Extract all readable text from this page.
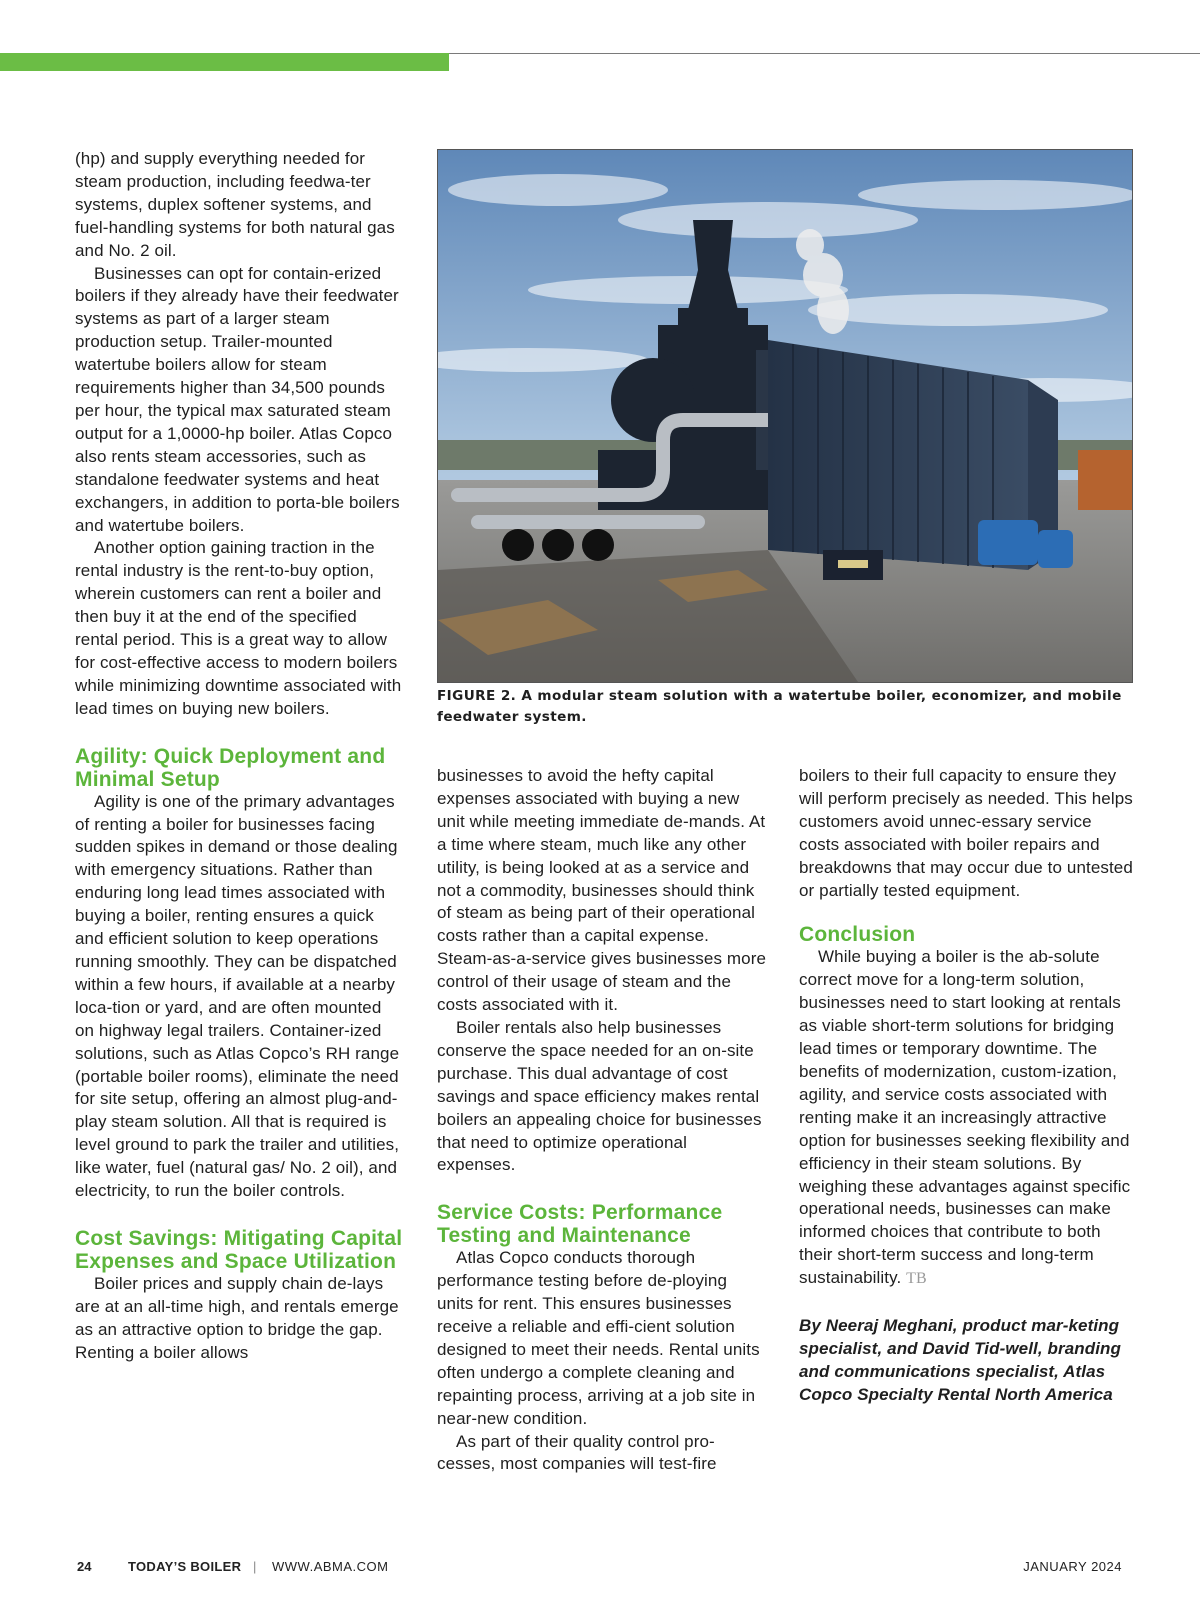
(hp) and supply everything needed for steam production, including feedwa-ter systems, duplex softener systems, and fuel-handling systems for both natural gas and No. 2 oil.

Businesses can opt for contain-erized boilers if they already have their feedwater systems as part of a larger steam production setup. Trailer-mounted watertube boilers allow for steam requirements higher than 34,500 pounds per hour, the typical max saturated steam output for a 1,0000-hp boiler. Atlas Copco also rents steam accessories, such as standalone feedwater systems and heat exchangers, in addition to porta-ble boilers and watertube boilers.

Another option gaining traction in the rental industry is the rent-to-buy option, wherein customers can rent a boiler and then buy it at the end of the specified rental period. This is a great way to allow for cost-effective access to modern boilers while minimizing downtime associated with lead times on buying new boilers.

Agility: Quick Deployment and Minimal Setup

Agility is one of the primary advantages of renting a boiler for businesses facing sudden spikes in demand or those dealing with emergency situations. Rather than enduring long lead times associated with buying a boiler, renting ensures a quick and efficient solution to keep operations running smoothly. They can be dispatched within a few hours, if available at a nearby loca-tion or yard, and are often mounted on highway legal trailers. Container-ized solutions, such as Atlas Copco’s RH range (portable boiler rooms), eliminate the need for site setup, offering an almost plug-and-play steam solution. All that is required is level ground to park the trailer and utilities, like water, fuel (natural gas/ No. 2 oil), and electricity, to run the boiler controls.

Cost Savings: Mitigating Capital Expenses and Space Utilization

Boiler prices and supply chain de-lays are at an all-time high, and rentals emerge as an attractive option to bridge the gap. Renting a boiler allows

FIGURE 2. A modular steam solution with a watertube boiler, economizer, and mobile feedwater system.

businesses to avoid the hefty capital expenses associated with buying a new unit while meeting immediate de-mands. At a time where steam, much like any other utility, is being looked at as a service and not a commodity, businesses should think of steam as being part of their operational costs rather than a capital expense. Steam-as-a-service gives businesses more control of their usage of steam and the costs associated with it.

Boiler rentals also help businesses conserve the space needed for an on-site purchase. This dual advantage of cost savings and space efficiency makes rental boilers an appealing choice for businesses that need to optimize operational expenses.

Service Costs: Performance Testing and Maintenance

Atlas Copco conducts thorough performance testing before de-ploying units for rent. This ensures businesses receive a reliable and effi-cient solution designed to meet their needs. Rental units often undergo a complete cleaning and repainting process, arriving at a job site in near-new condition.

As part of their quality control pro-cesses, most companies will test-fire

boilers to their full capacity to ensure they will perform precisely as needed. This helps customers avoid unnec-essary service costs associated with boiler repairs and breakdowns that may occur due to untested or partially tested equipment.

Conclusion

While buying a boiler is the ab-solute correct move for a long-term solution, businesses need to start looking at rentals as viable short-term solutions for bridging lead times or temporary downtime. The benefits of modernization, custom-ization, agility, and service costs associated with renting make it an increasingly attractive option for businesses seeking flexibility and efficiency in their steam solutions. By weighing these advantages against specific operational needs, businesses can make informed choices that contribute to both their short-term success and long-term sustainability. TB

By Neeraj Meghani, product mar-keting specialist, and David Tid-well, branding and communications specialist, Atlas Copco Specialty Rental North America

24	TODAY’S BOILER | WWW.ABMA.COM	JANUARY 2024
